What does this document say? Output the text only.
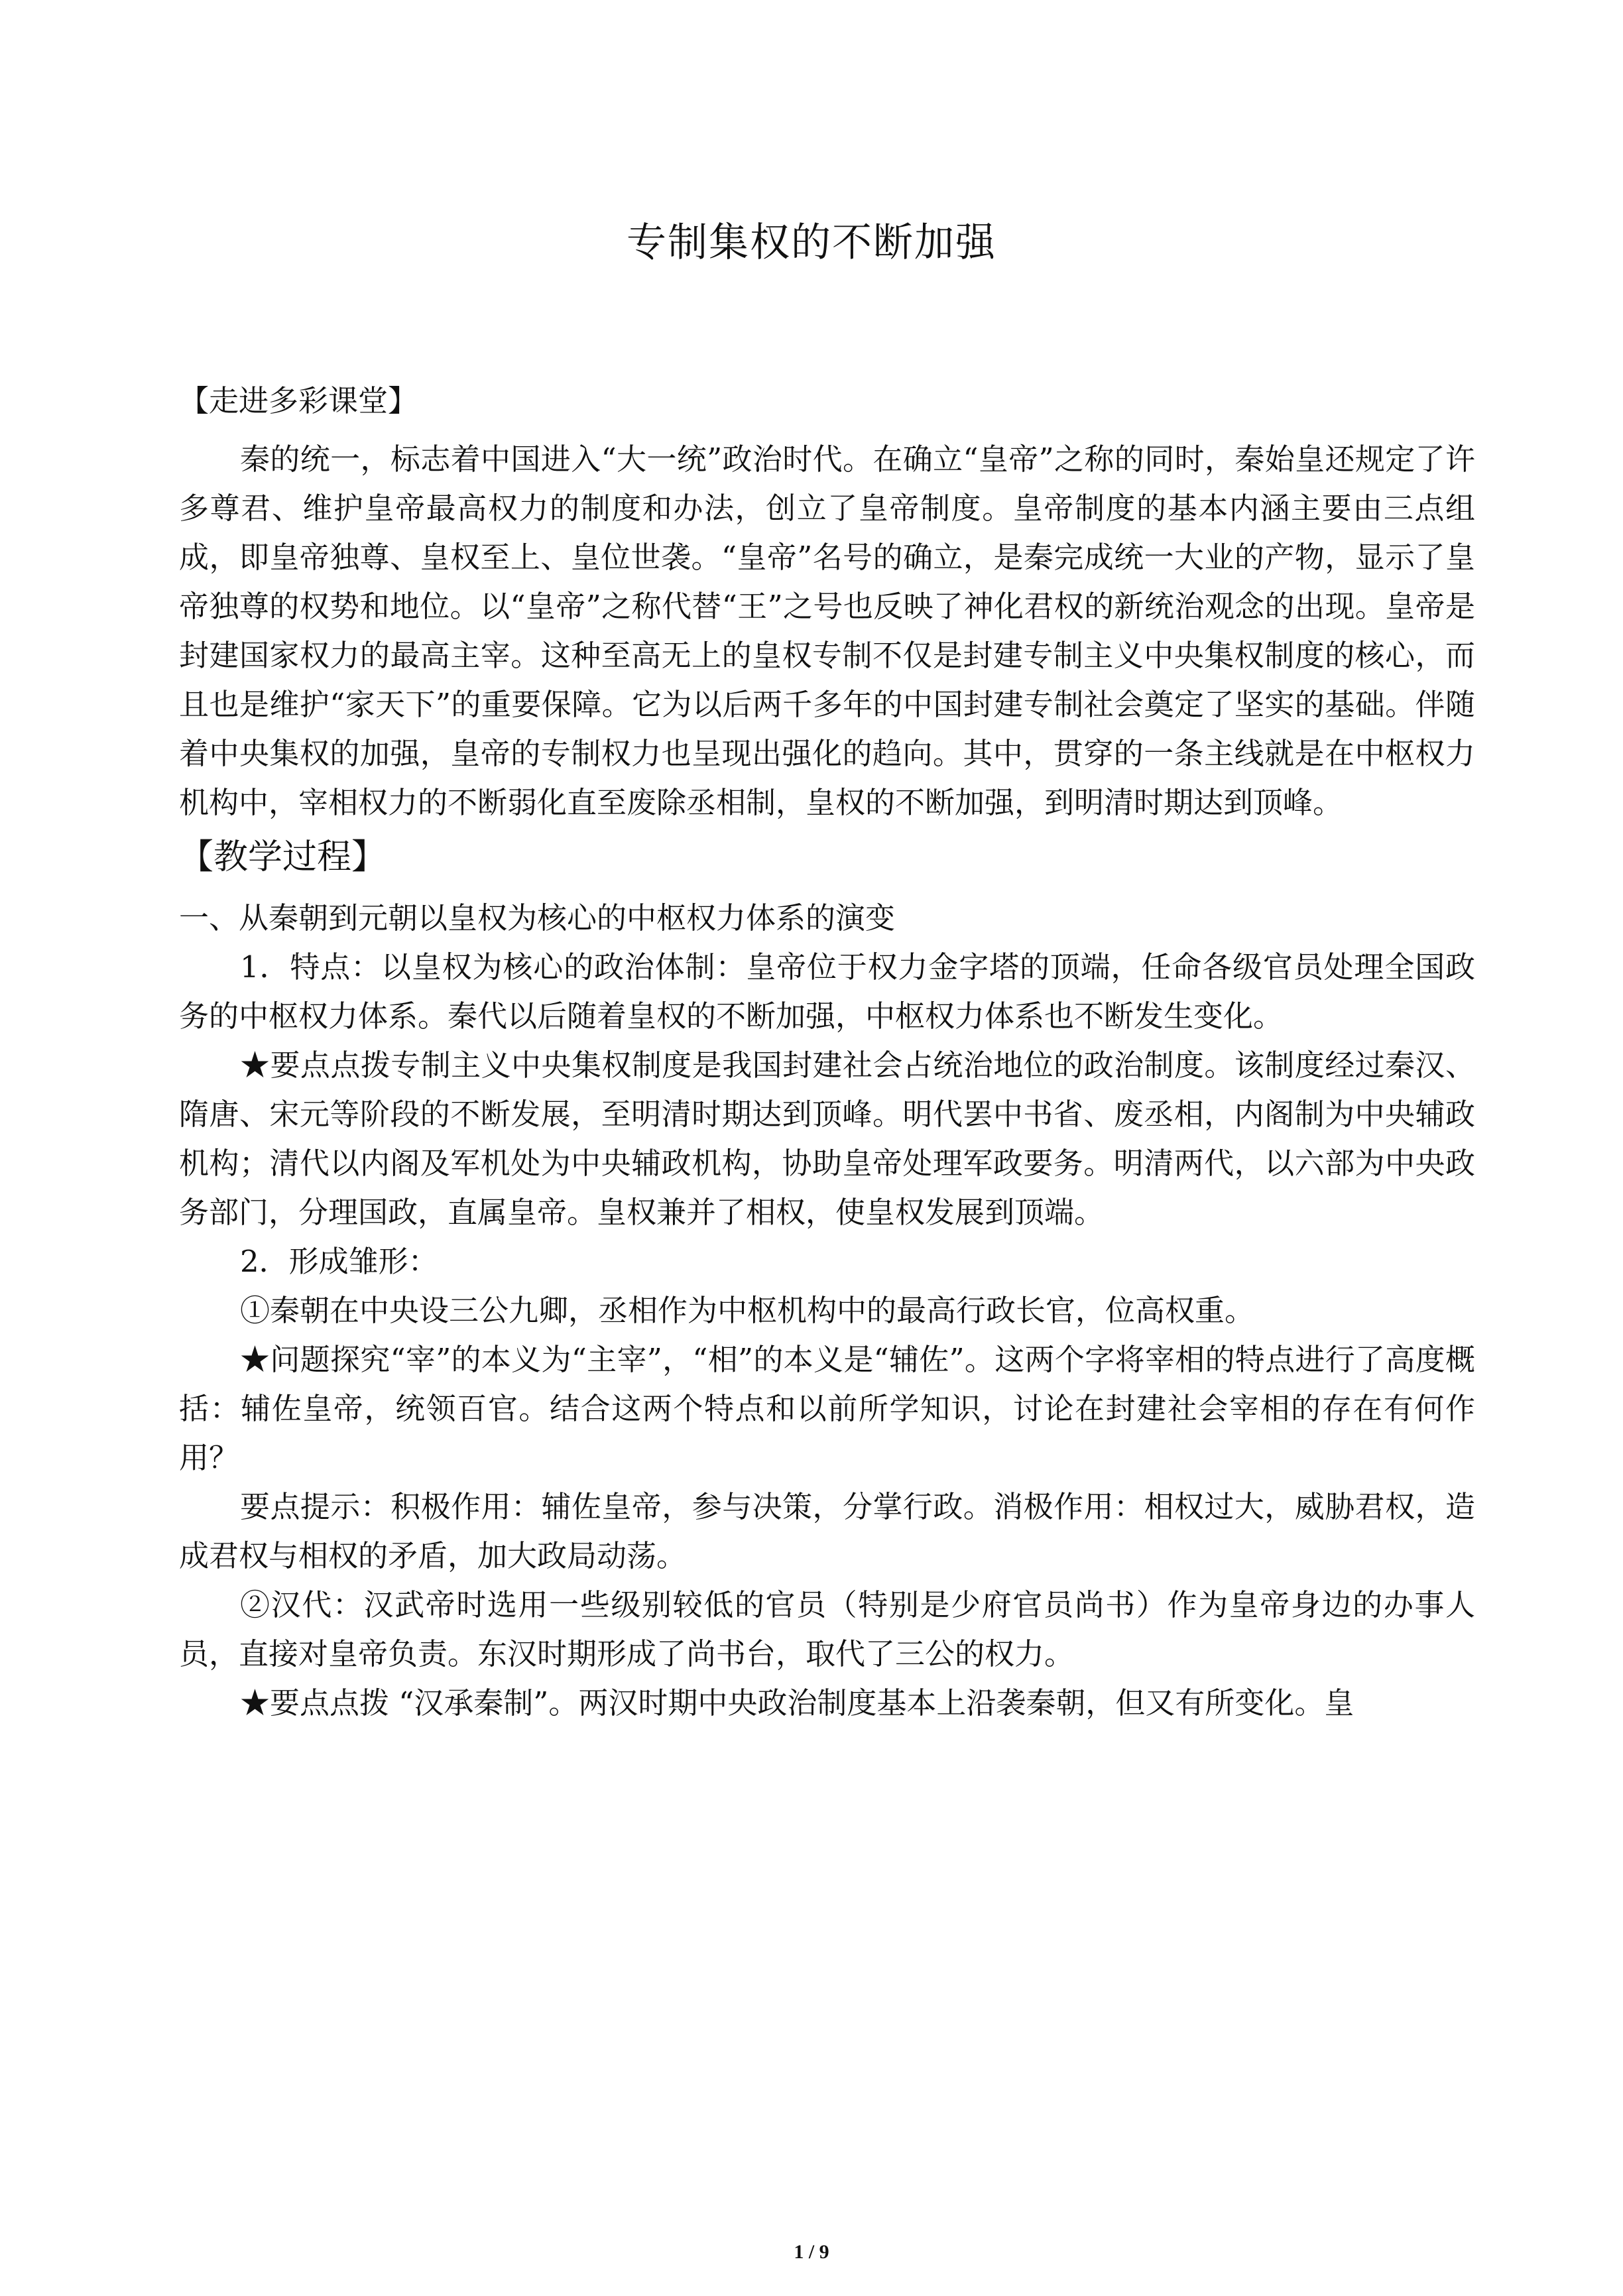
专制集权的不断加强

【走进多彩课堂】

秦的统一，标志着中国进入“大一统”政治时代。在确立“皇帝”之称的同时，秦始皇还规定了许多尊君、维护皇帝最高权力的制度和办法，创立了皇帝制度。皇帝制度的基本内涵主要由三点组成，即皇帝独尊、皇权至上、皇位世袭。“皇帝”名号的确立，是秦完成统一大业的产物，显示了皇帝独尊的权势和地位。以“皇帝”之称代替“王”之号也反映了神化君权的新统治观念的出现。皇帝是封建国家权力的最高主宰。这种至高无上的皇权专制不仅是封建专制主义中央集权制度的核心，而且也是维护“家天下”的重要保障。它为以后两千多年的中国封建专制社会奠定了坚实的基础。伴随着中央集权的加强，皇帝的专制权力也呈现出强化的趋向。其中，贯穿的一条主线就是在中枢权力机构中，宰相权力的不断弱化直至废除丞相制，皇权的不断加强，到明清时期达到顶峰。

【教学过程】

一、从秦朝到元朝以皇权为核心的中枢权力体系的演变

1．特点：以皇权为核心的政治体制：皇帝位于权力金字塔的顶端，任命各级官员处理全国政务的中枢权力体系。秦代以后随着皇权的不断加强，中枢权力体系也不断发生变化。

★要点点拨专制主义中央集权制度是我国封建社会占统治地位的政治制度。该制度经过秦汉、隋唐、宋元等阶段的不断发展，至明清时期达到顶峰。明代罢中书省、废丞相，内阁制为中央辅政机构；清代以内阁及军机处为中央辅政机构，协助皇帝处理军政要务。明清两代，以六部为中央政务部门，分理国政，直属皇帝。皇权兼并了相权，使皇权发展到顶端。

2．形成雏形：

①秦朝在中央设三公九卿，丞相作为中枢机构中的最高行政长官，位高权重。

★问题探究“宰”的本义为“主宰”，“相”的本义是“辅佐”。这两个字将宰相的特点进行了高度概括：辅佐皇帝，统领百官。结合这两个特点和以前所学知识，讨论在封建社会宰相的存在有何作用？

要点提示：积极作用：辅佐皇帝，参与决策，分掌行政。消极作用：相权过大，威胁君权，造成君权与相权的矛盾，加大政局动荡。

②汉代：汉武帝时选用一些级别较低的官员（特别是少府官员尚书）作为皇帝身边的办事人员，直接对皇帝负责。东汉时期形成了尚书台，取代了三公的权力。

★要点点拨 “汉承秦制”。两汉时期中央政治制度基本上沿袭秦朝，但又有所变化。皇

1 / 9
